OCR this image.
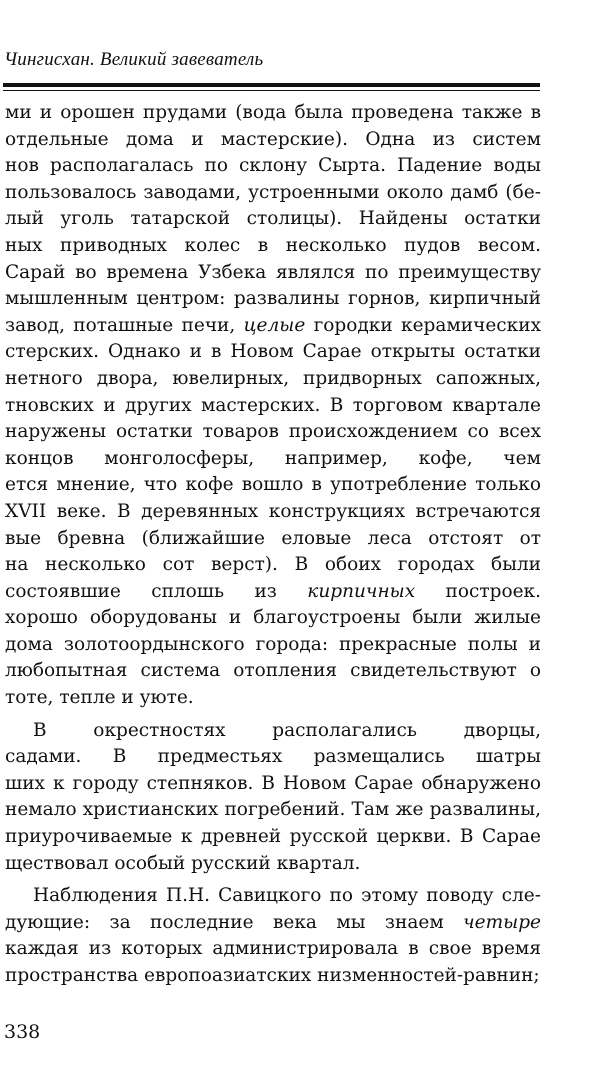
Чингисхан. Великий завеватель
ми и орошен прудами (вода была проведена также в
отдельные дома и мастерские). Одна из систем
нов располагалась по склону Сырта. Падение воды
пользовалось заводами, устроенными около дамб (бе-
лый уголь татарской столицы). Найдены остатки
ных приводных колес в несколько пудов весом.
Сарай во времена Узбека являлся по преимуществу
мышленным центром: развалины горнов, кирпичный
завод, поташные печи, целые городки керамических
стерских. Однако и в Новом Сарае открыты остатки
нетного двора, ювелирных, придворных сапожных,
тновских и других мастерских. В торговом квартале
наружены остатки товаров происхождением со всех
концов монголосферы, например, кофе, чем
ется мнение, что кофе вошло в употребление только
XVII веке. В деревянных конструкциях встречаются
вые бревна (ближайшие еловые леса отстоят от
на несколько сот верст). В обоих городах были
состоявшие сплошь из кирпичных построек.
хорошо оборудованы и благоустроены были жилые
дома золотоордынского города: прекрасные полы и
любопытная система отопления свидетельствуют о
тоте, тепле и уюте.
В окрестностях располагались дворцы,
садами. В предместьях размещались шатры
ших к городу степняков. В Новом Сарае обнаружено
немало христианских погребений. Там же развалины,
приурочиваемые к древней русской церкви. В Сарае
ществовал особый русский квартал.
Наблюдения П.Н. Савицкого по этому поводу сле-
дующие: за последние века мы знаем четыре
каждая из которых администрировала в свое время
пространства европоазиатских низменностей-равнин;
338
